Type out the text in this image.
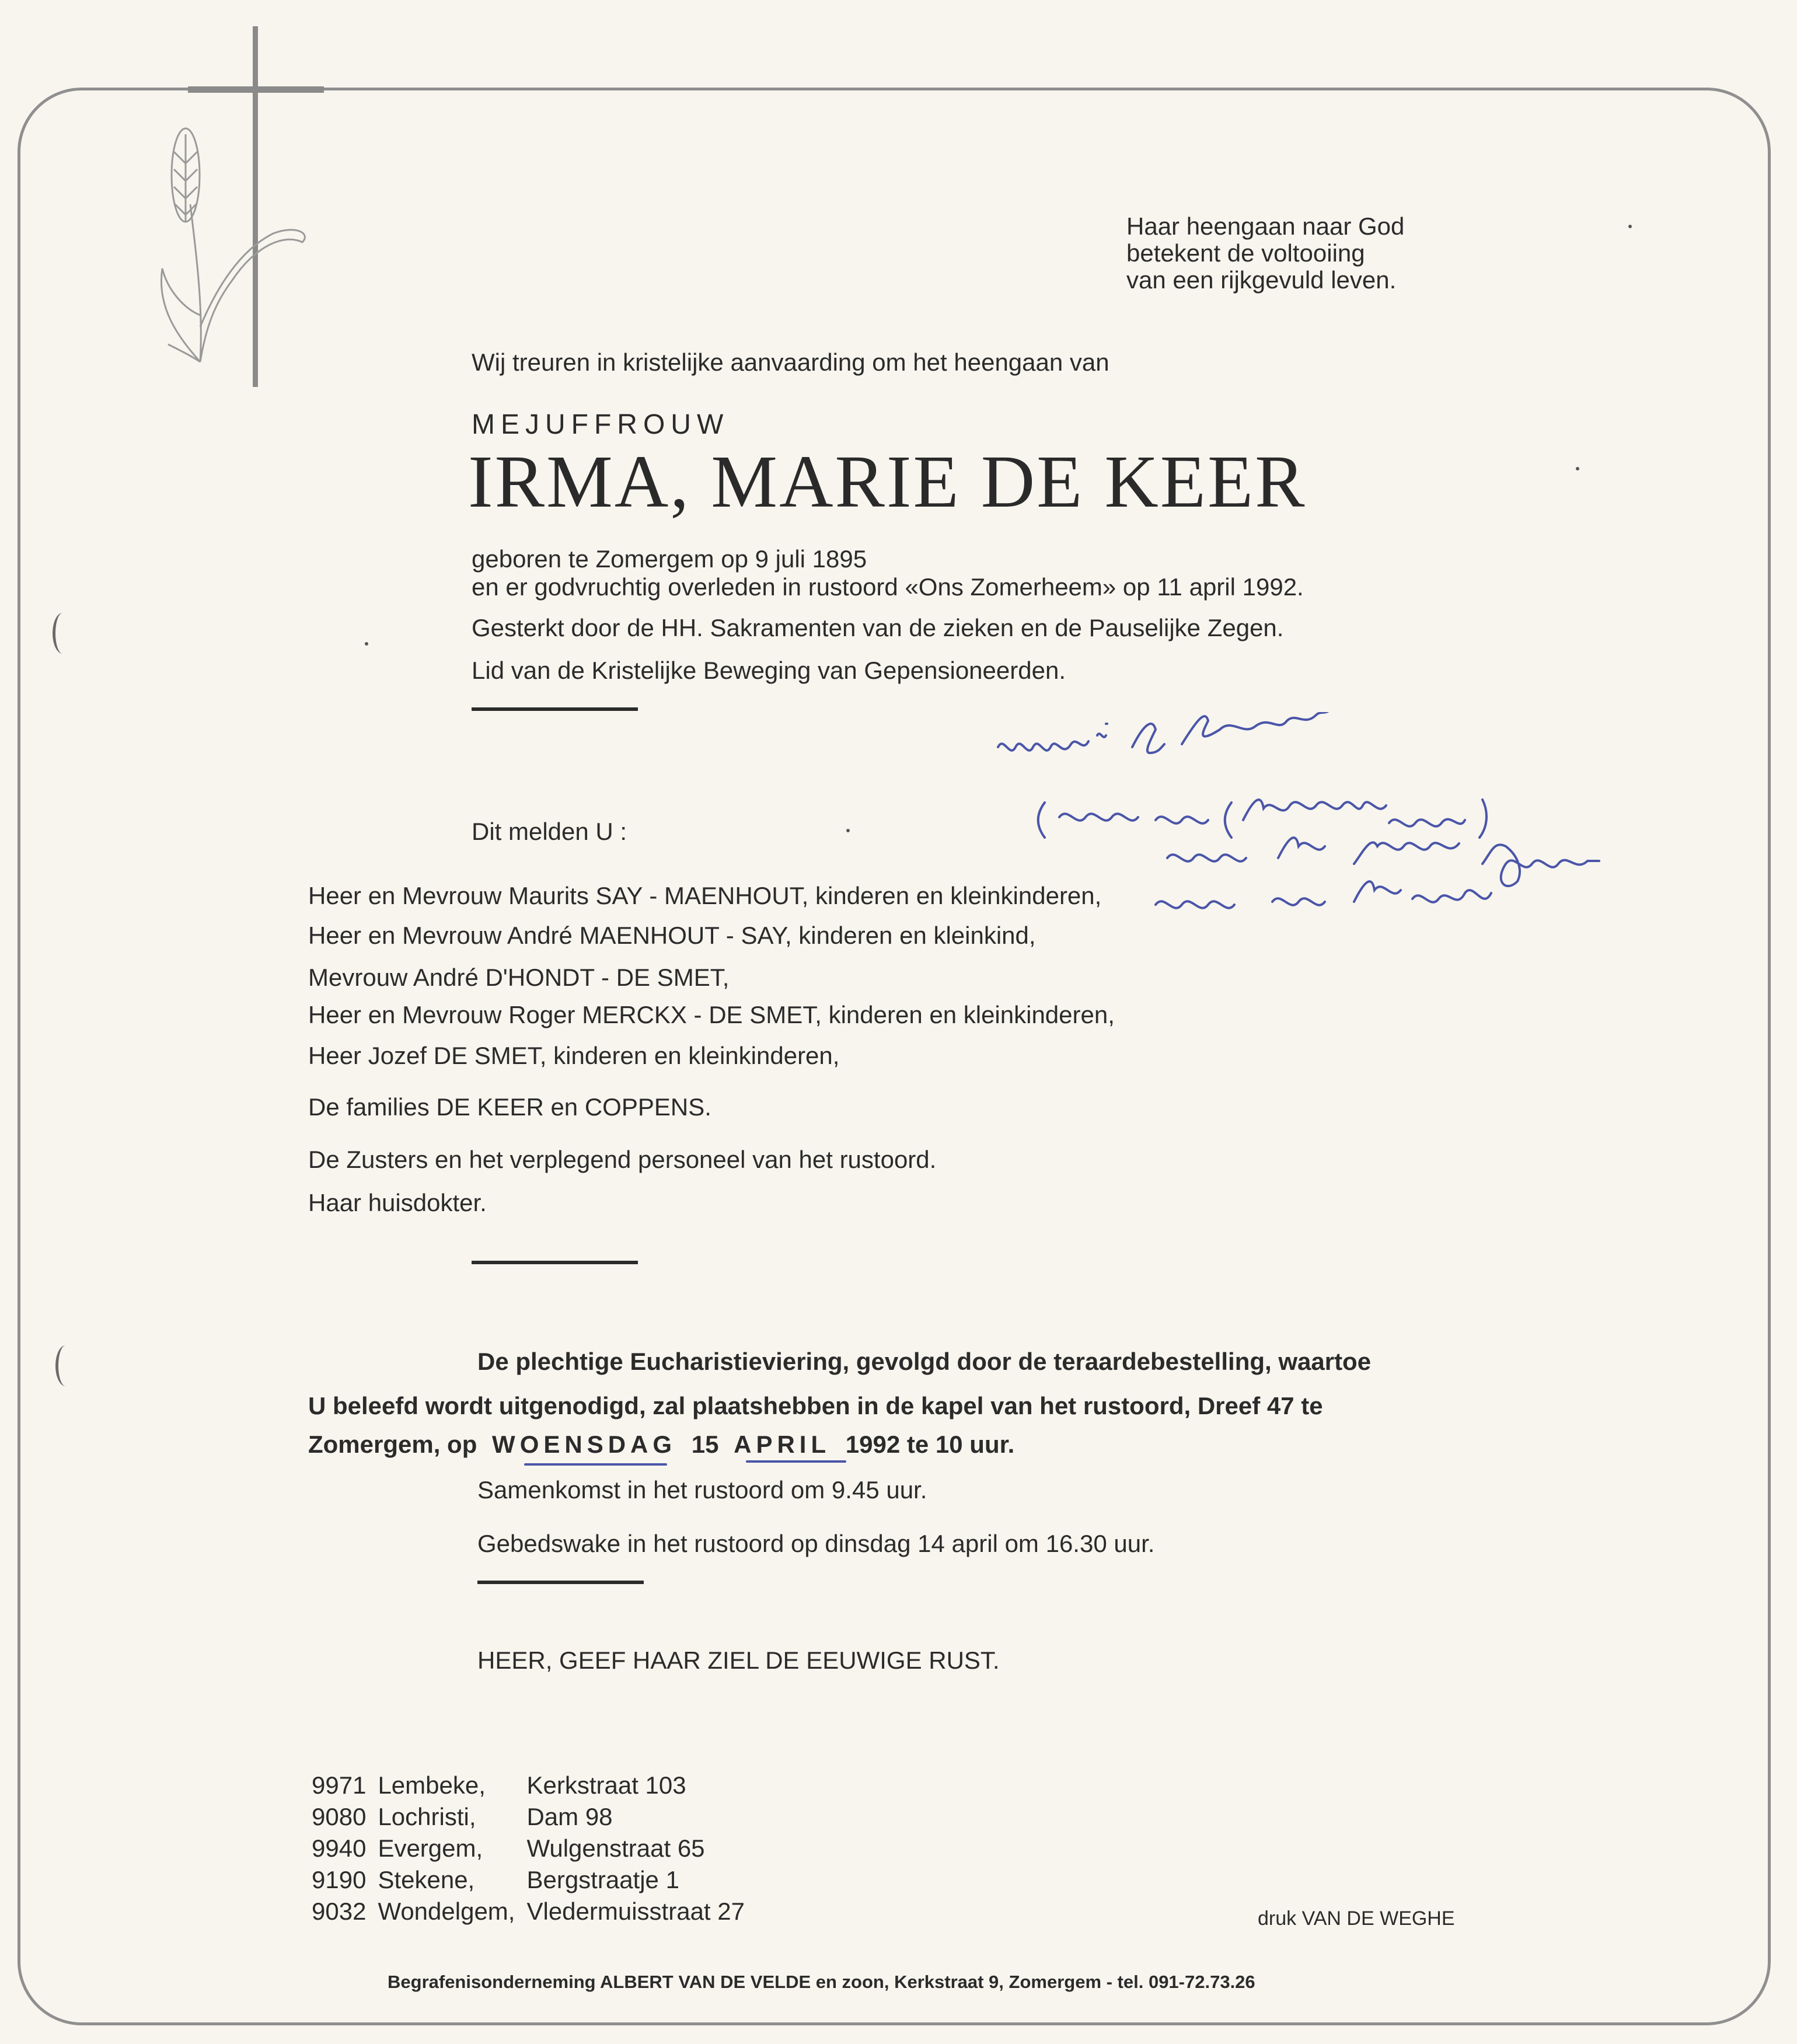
Haar heengaan naar God
betekent de voltooiing
van een rijkgevuld leven.
Wij treuren in kristelijke aanvaarding om het heengaan van
MEJUFFROUW
IRMA, MARIE DE KEER
geboren te Zomergem op 9 juli 1895
en er godvruchtig overleden in rustoord «Ons Zomerheem» op 11 april 1992.
Gesterkt door de HH. Sakramenten van de zieken en de Pauselijke Zegen.
Lid van de Kristelijke Beweging van Gepensioneerden.
Dit melden U :
Heer en Mevrouw Maurits SAY - MAENHOUT, kinderen en kleinkinderen,
Heer en Mevrouw André MAENHOUT - SAY, kinderen en kleinkind,
Mevrouw André D'HONDT - DE SMET,
Heer en Mevrouw Roger MERCKX - DE SMET, kinderen en kleinkinderen,
Heer Jozef DE SMET, kinderen en kleinkinderen,
De families DE KEER en COPPENS.
De Zusters en het verplegend personeel van het rustoord.
Haar huisdokter.
De plechtige Eucharistieviering, gevolgd door de teraardebestelling, waartoe
U beleefd wordt uitgenodigd, zal plaatshebben in de kapel van het rustoord, Dreef 47 te
Zomergem, op WOENSDAG 15 APRIL 1992 te 10 uur.
Samenkomst in het rustoord om 9.45 uur.
Gebedswake in het rustoord op dinsdag 14 april om 16.30 uur.
HEER, GEEF HAAR ZIEL DE EEUWIGE RUST.
9971	Lembeke,	Kerkstraat 103
9080	Lochristi,	Dam 98
9940	Evergem,	Wulgenstraat 65
9190	Stekene,	Bergstraatje 1
9032	Wondelgem,	Vledermuisstraat 27	druk VAN DE WEGHE
Begrafenisonderneming ALBERT VAN DE VELDE en zoon, Kerkstraat 9, Zomergem - tel. 091-72.73.26
